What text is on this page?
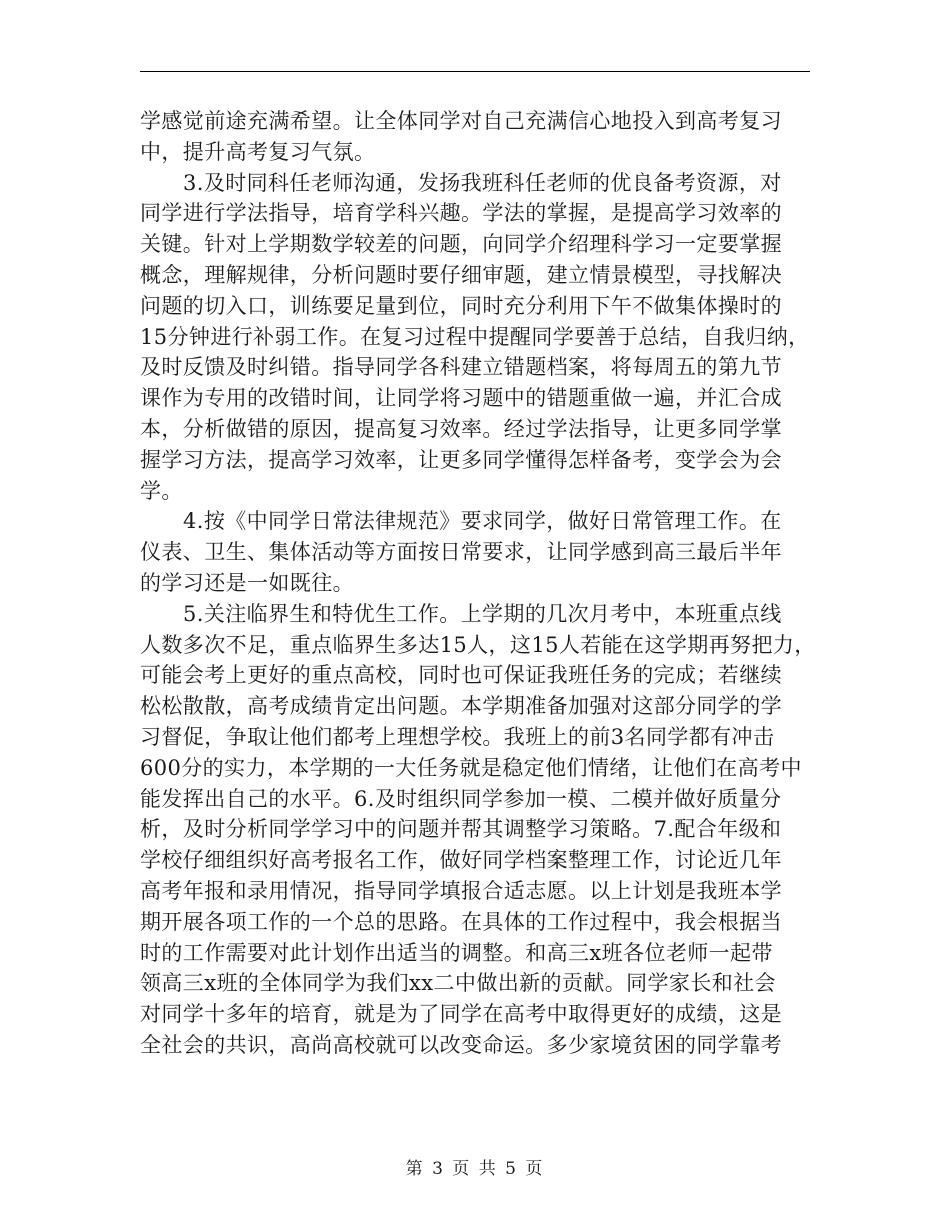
学感觉前途充满希望。让全体同学对自己充满信心地投入到高考复习
中，提升高考复习气氛。
3.及时同科任老师沟通，发扬我班科任老师的优良备考资源，对
同学进行学法指导，培育学科兴趣。学法的掌握，是提高学习效率的
关键。针对上学期数学较差的问题，向同学介绍理科学习一定要掌握
概念，理解规律，分析问题时要仔细审题，建立情景模型，寻找解决
问题的切入口，训练要足量到位，同时充分利用下午不做集体操时的
15分钟进行补弱工作。在复习过程中提醒同学要善于总结，自我归纳，
及时反馈及时纠错。指导同学各科建立错题档案，将每周五的第九节
课作为专用的改错时间，让同学将习题中的错题重做一遍，并汇合成
本，分析做错的原因，提高复习效率。经过学法指导，让更多同学掌
握学习方法，提高学习效率，让更多同学懂得怎样备考，变学会为会
学。
4.按《中同学日常法律规范》要求同学，做好日常管理工作。在
仪表、卫生、集体活动等方面按日常要求，让同学感到高三最后半年
的学习还是一如既往。
5.关注临界生和特优生工作。上学期的几次月考中，本班重点线
人数多次不足，重点临界生多达15人，这15人若能在这学期再努把力，
可能会考上更好的重点高校，同时也可保证我班任务的完成；若继续
松松散散，高考成绩肯定出问题。本学期准备加强对这部分同学的学
习督促，争取让他们都考上理想学校。我班上的前3名同学都有冲击
600分的实力，本学期的一大任务就是稳定他们情绪，让他们在高考中
能发挥出自己的水平。6.及时组织同学参加一模、二模并做好质量分
析，及时分析同学学习中的问题并帮其调整学习策略。7.配合年级和
学校仔细组织好高考报名工作，做好同学档案整理工作，讨论近几年
高考年报和录用情况，指导同学填报合适志愿。以上计划是我班本学
期开展各项工作的一个总的思路。在具体的工作过程中，我会根据当
时的工作需要对此计划作出适当的调整。和高三x班各位老师一起带
领高三x班的全体同学为我们xx二中做出新的贡献。同学家长和社会
对同学十多年的培育，就是为了同学在高考中取得更好的成绩，这是
全社会的共识，高尚高校就可以改变命运。多少家境贫困的同学靠考
第 3 页 共 5 页
